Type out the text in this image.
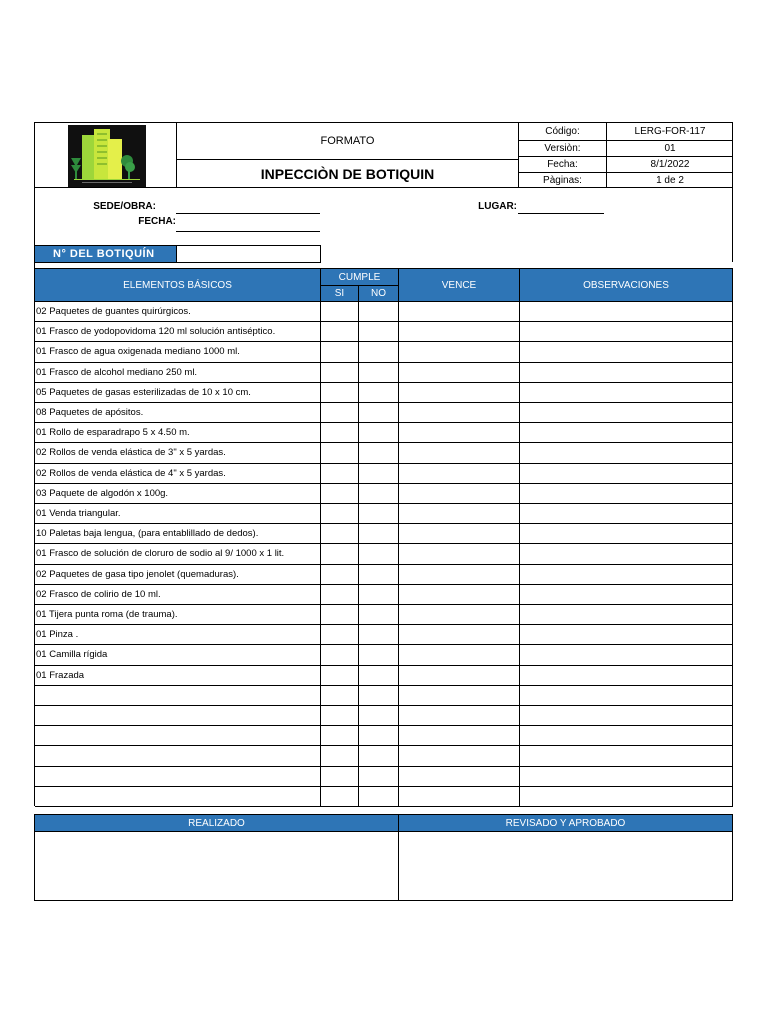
FORMATO
INPECCIÒN DE BOTIQUIN
Código:	LERG-FOR-117
Versiòn:	01
Fecha:	8/1/2022
Pàginas:	1 de 2
SEDE/OBRA:
FECHA:
LUGAR:
N° DEL BOTIQUÍN
ELEMENTOS BÁSICOS
CUMPLE
SI	NO
VENCE	OBSERVACIONES
02 Paquetes de guantes quirúrgicos.
01 Frasco de yodopovidoma 120 ml solución antiséptico.
01 Frasco de agua oxigenada mediano 1000 ml.
01 Frasco de alcohol mediano 250 ml.
05 Paquetes de gasas esterilizadas de 10 x 10 cm.
08 Paquetes de apósitos.
01 Rollo de esparadrapo 5 x 4.50 m.
02 Rollos de venda elástica de 3" x 5 yardas.
02 Rollos de venda elástica de 4" x 5 yardas.
03 Paquete de algodón x 100g.
01 Venda triangular.
10 Paletas baja lengua, (para entablillado de dedos).
01 Frasco de solución de cloruro de sodio al 9/ 1000 x 1 lit.
02 Paquetes de gasa tipo jenolet (quemaduras).
02 Frasco de colirio de 10 ml.
01 Tijera punta roma (de trauma).
01 Pinza .
01 Camilla rígida
01 Frazada
REALIZADO	REVISADO Y APROBADO
